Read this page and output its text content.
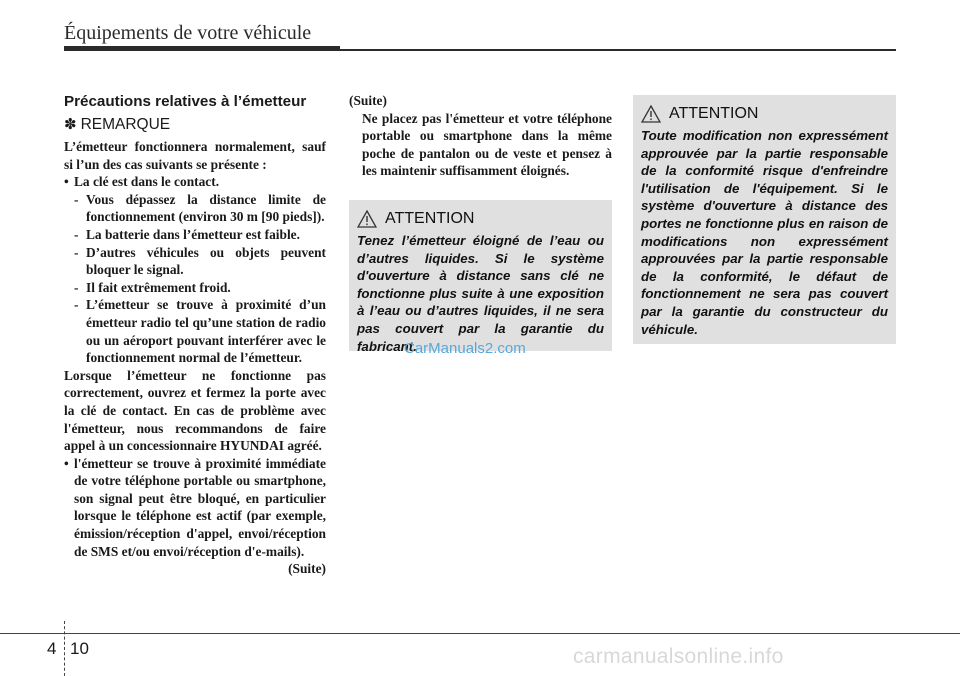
Équipements de votre véhicule
Précautions relatives à l’émetteur
✽ REMARQUE
L’émetteur fonctionnera normalement, sauf si l’un des cas suivants se présente :
• La clé est dans le contact.
- Vous dépassez la distance limite de fonctionnement (environ 30 m [90 pieds]).
- La batterie dans l’émetteur est faible.
- D’autres véhicules ou objets peuvent bloquer le signal.
- Il fait extrêmement froid.
- L’émetteur se trouve à proximité d’un émetteur radio tel qu’une station de radio ou un aéroport pouvant interférer avec le fonctionnement normal de l’émetteur.
Lorsque l’émetteur ne fonctionne pas correctement, ouvrez et fermez la porte avec la clé de contact. En cas de problème avec l'émetteur, nous recommandons de faire appel à un concessionnaire HYUNDAI agréé.
• l'émetteur se trouve à proximité immédiate de votre téléphone portable ou smartphone, son signal peut être bloqué, en particulier lorsque le téléphone est actif (par exemple, émission/réception d'appel, envoi/réception de SMS et/ou envoi/réception d'e-mails).
(Suite)
(Suite)
Ne placez pas l'émetteur et votre téléphone portable ou smartphone dans la même poche de pantalon ou de veste et pensez à les maintenir suffisamment éloignés.
ATTENTION
Tenez l’émetteur éloigné de l’eau ou d’autres liquides. Si le système d'ouverture à distance sans clé ne fonctionne plus suite à une exposition à l’eau ou d’autres liquides, il ne sera pas couvert par la garantie du fabricant.
ATTENTION
Toute modification non expressément approuvée par la partie responsable de la conformité risque d'enfreindre l'utilisation de l'équipement. Si le système d'ouverture à distance des portes ne fonctionne plus en raison de modifications non expressément approuvées par la partie responsable de la conformité, le défaut de fonctionnement ne sera pas couvert par la garantie du constructeur du véhicule.
CarManuals2.com
4 10	carmanualsonline.info
